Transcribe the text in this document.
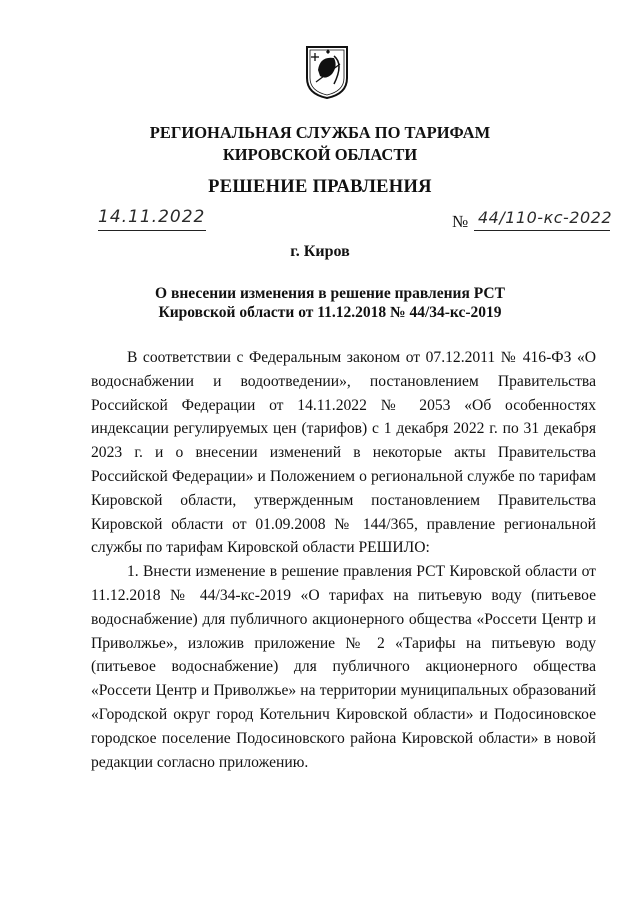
РЕГИОНАЛЬНАЯ СЛУЖБА ПО ТАРИФАМ
КИРОВСКОЙ ОБЛАСТИ
РЕШЕНИЕ ПРАВЛЕНИЯ
14.11.2022	№ 44/110-кс-2022
г. Киров
О внесении изменения в решение правления РСТ Кировской области от 11.12.2018 № 44/34-кс-2019

В соответствии с Федеральным законом от 07.12.2011 № 416-ФЗ «О водоснабжении и водоотведении», постановлением Правительства Российской Федерации от 14.11.2022 № 2053 «Об особенностях индексации регулируемых цен (тарифов) с 1 декабря 2022 г. по 31 декабря 2023 г. и о внесении изменений в некоторые акты Правительства Российской Федерации» и Положением о региональной службе по тарифам Кировской области, утвержденным постановлением Правительства Кировской области от 01.09.2008 № 144/365, правление региональной службы по тарифам Кировской области РЕШИЛО:

1. Внести изменение в решение правления РСТ Кировской области от 11.12.2018 № 44/34-кс-2019 «О тарифах на питьевую воду (питьевое водоснабжение) для публичного акционерного общества «Россети Центр и Приволжье», изложив приложение № 2 «Тарифы на питьевую воду (питьевое водоснабжение) для публичного акционерного общества «Россети Центр и Приволжье» на территории муниципальных образований «Городской округ город Котельнич Кировской области» и Подосиновское городское поселение Подосиновского района Кировской области» в новой редакции согласно приложению.
